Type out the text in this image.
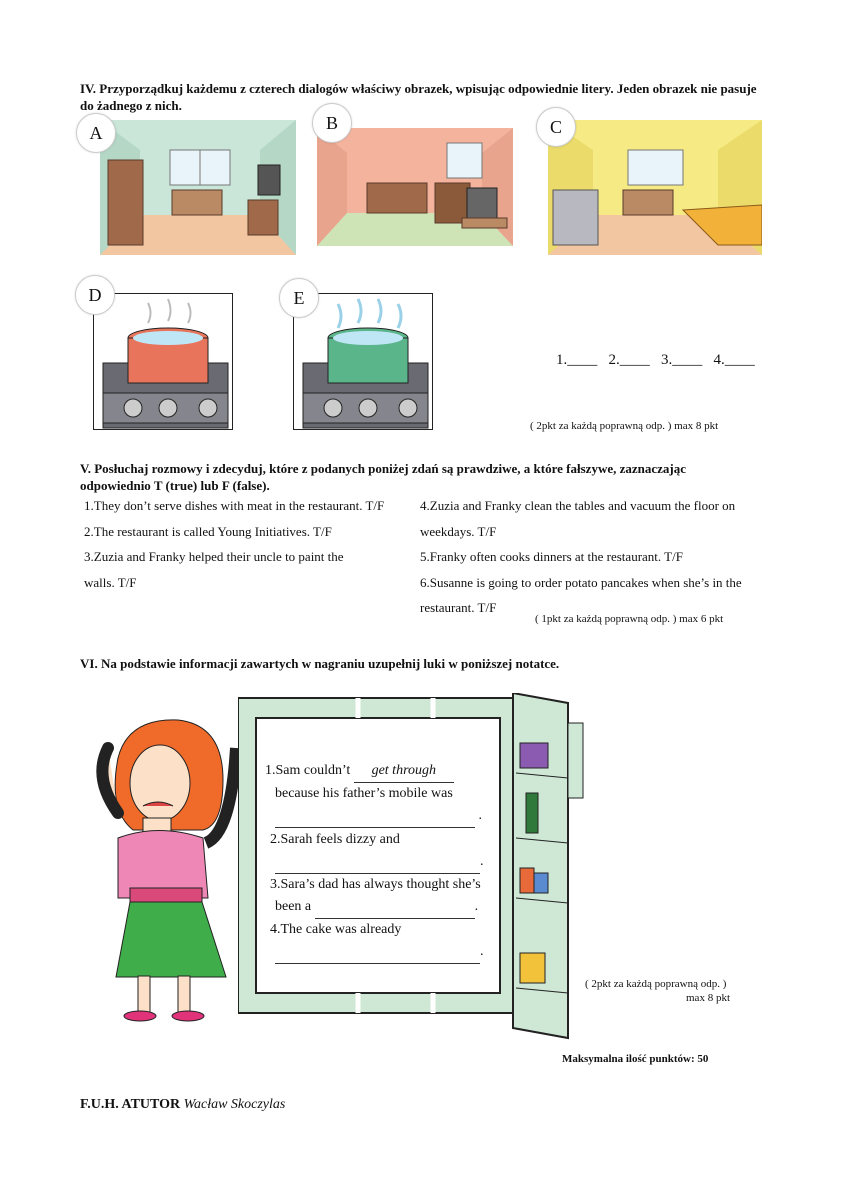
IV. Przyporządkuj każdemu z czterech dialogów właściwy obrazek, wpisując odpowiednie litery. Jeden obrazek nie pasuje do żadnego z nich.
A	B	C
D	E
1.____ 2.____ 3.____ 4.____
( 2pkt za każdą poprawną odp. ) max 8 pkt
V. Posłuchaj rozmowy i zdecyduj, które z podanych poniżej zdań są prawdziwe, a które fałszywe, zaznaczając odpowiednio T (true) lub F (false).
1.They don’t serve dishes with meat in the restaurant. T/F
2.The restaurant is called Young Initiatives. T/F
3.Zuzia and Franky helped their uncle to paint the
walls. T/F
4.Zuzia and Franky clean the tables and vacuum the floor on
weekdays. T/F
5.Franky often cooks dinners at the restaurant. T/F
6.Susanne is going to order potato pancakes when she’s in the
restaurant. T/F
( 1pkt za każdą poprawną odp. ) max 6 pkt
VI. Na podstawie informacji zawartych w nagraniu uzupełnij luki w poniższej notatce.
1.Sam couldn’t get through
because his father’s mobile was
.
2.Sarah feels dizzy and
.
3.Sara’s dad has always thought she’s
been a	.
4.The cake was already
.
( 2pkt za każdą poprawną odp. )
max 8 pkt
Maksymalna ilość punktów: 50
F.U.H. ATUTOR Wacław Skoczylas
